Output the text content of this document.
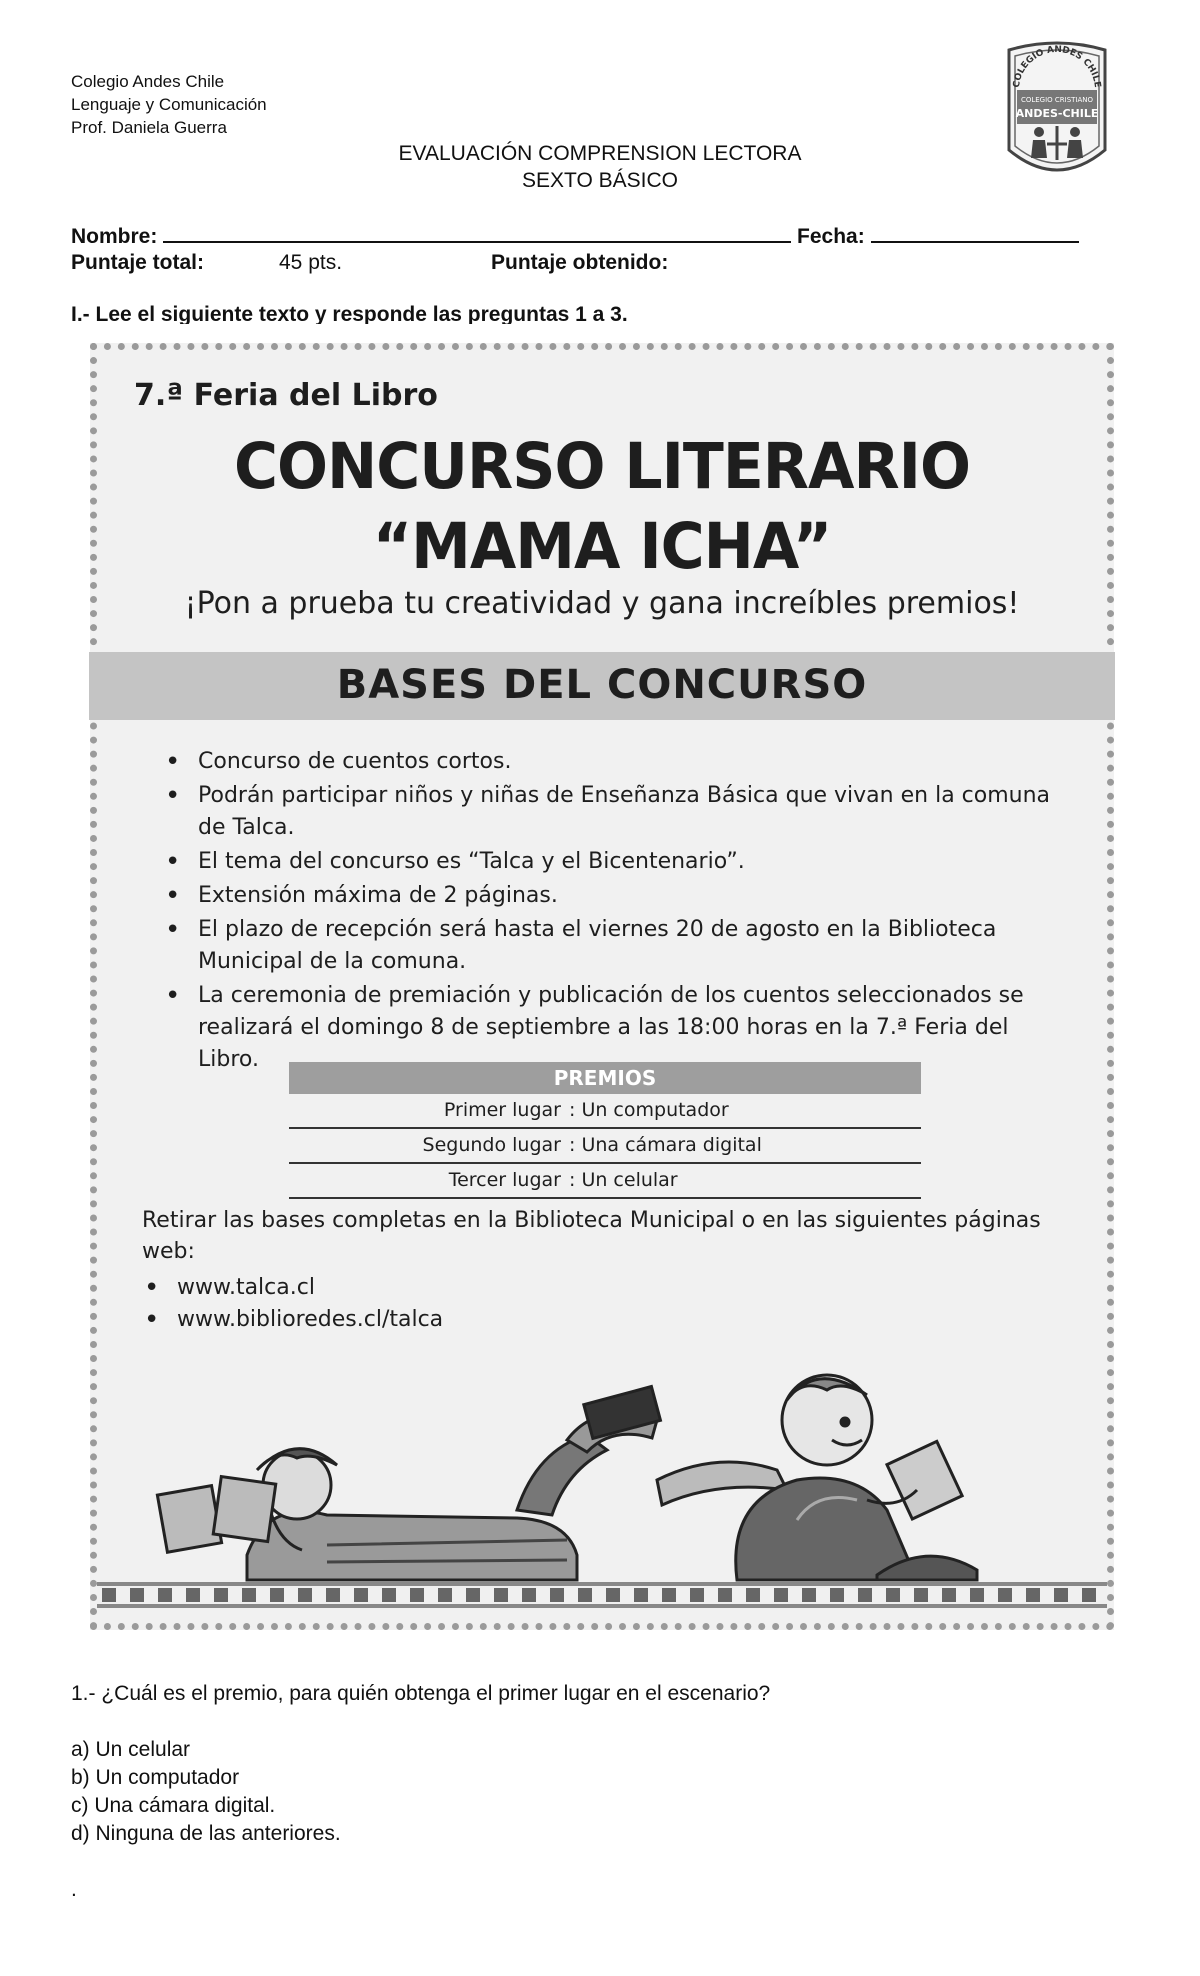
Colegio Andes Chile
Lenguaje y Comunicación
Prof. Daniela Guerra
COLEGIO ANDES CHILE
COLEGIO CRISTIANO
ANDES-CHILE
EVALUACIÓN COMPRENSION LECTORA
SEXTO BÁSICO
Nombre:	Fecha:
Puntaje total:	45 pts.	Puntaje obtenido:
I.- Lee el siguiente texto y responde las preguntas 1 a 3.
7.ª Feria del Libro
CONCURSO LITERARIO
“MAMA ICHA”
¡Pon a prueba tu creatividad y gana increíbles premios!
BASES DEL CONCURSO
• Concurso de cuentos cortos.
• Podrán participar niños y niñas de Enseñanza Básica que vivan en la comuna de Talca.
• El tema del concurso es “Talca y el Bicentenario”.
• Extensión máxima de 2 páginas.
• El plazo de recepción será hasta el viernes 20 de agosto en la Biblioteca Municipal de la comuna.
• La ceremonia de premiación y publicación de los cuentos seleccionados se realizará el domingo 8 de septiembre a las 18:00 horas en la 7.ª Feria del Libro.
PREMIOS
Primer lugar : Un computador
Segundo lugar : Una cámara digital
Tercer lugar : Un celular
Retirar las bases completas en la Biblioteca Municipal o en las siguientes páginas web:
• www.talca.cl
• www.biblioredes.cl/talca
1.- ¿Cuál es el premio, para quién obtenga el primer lugar en el escenario?
a) Un celular
b) Un computador
c) Una cámara digital.
d) Ninguna de las anteriores.
.
